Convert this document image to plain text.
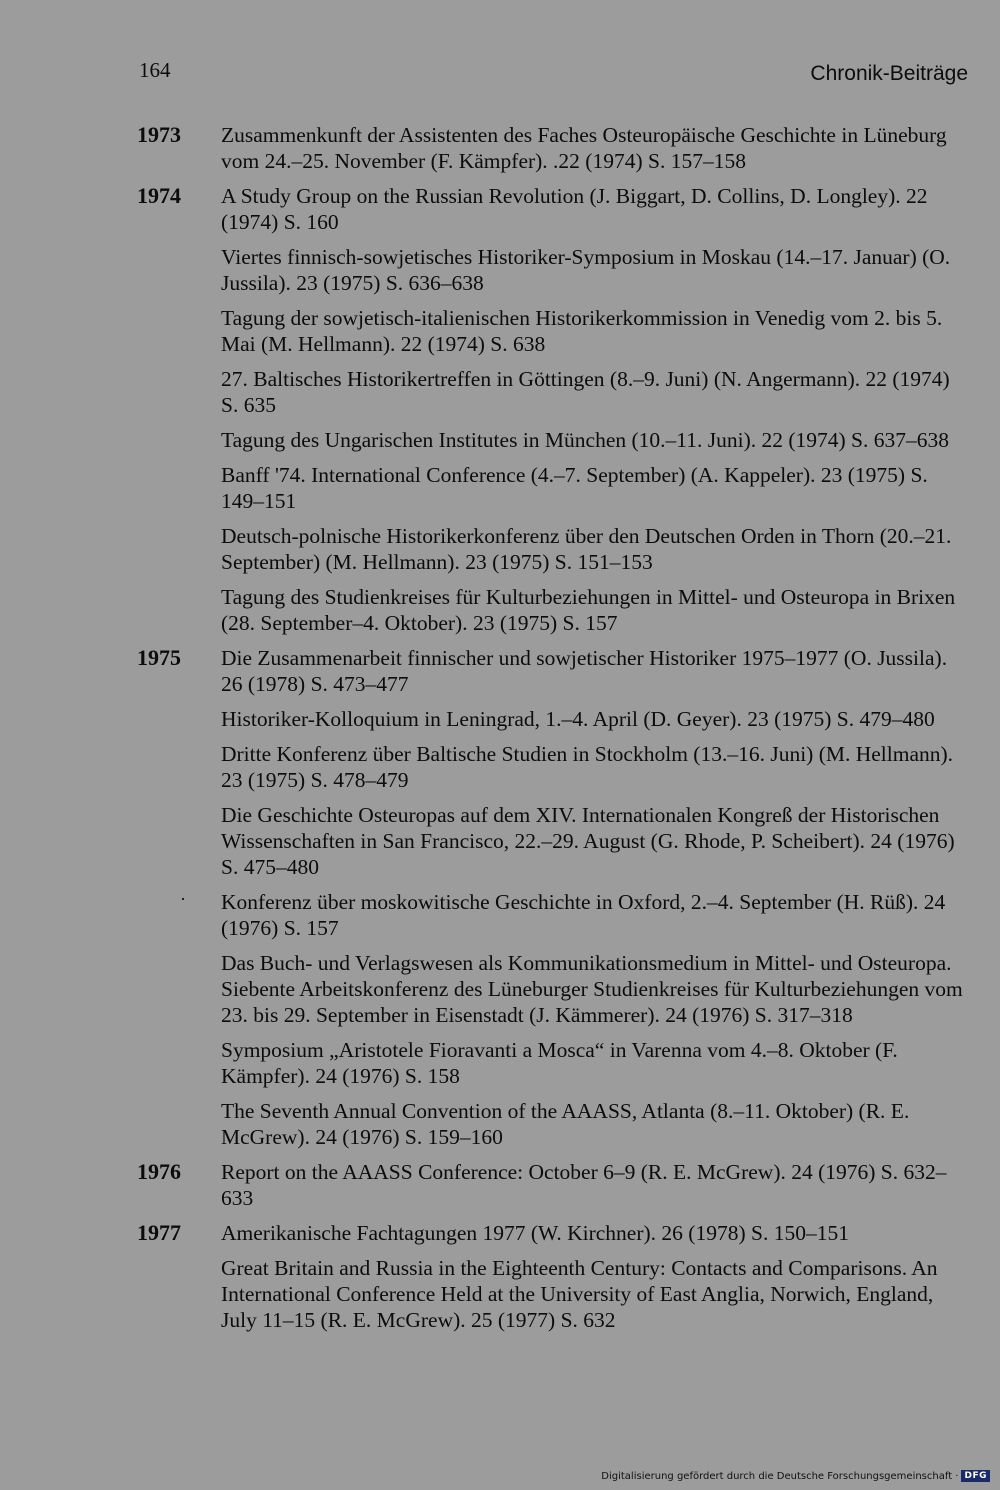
164	Chronik-Beiträge
1973 Zusammenkunft der Assistenten des Faches Osteuropäische Geschichte in Lüneburg vom 24.–25. November (F. Kämpfer). .22 (1974) S. 157–158
1974 A Study Group on the Russian Revolution (J. Biggart, D. Collins, D. Longley). 22 (1974) S. 160
Viertes finnisch-sowjetisches Historiker-Symposium in Moskau (14.–17. Januar) (O. Jussila). 23 (1975) S. 636–638
Tagung der sowjetisch-italienischen Historikerkommission in Venedig vom 2. bis 5. Mai (M. Hellmann). 22 (1974) S. 638
27. Baltisches Historikertreffen in Göttingen (8.–9. Juni) (N. Angermann). 22 (1974) S. 635
Tagung des Ungarischen Institutes in München (10.–11. Juni). 22 (1974) S. 637–638
Banff '74. International Conference (4.–7. September) (A. Kappeler). 23 (1975) S. 149–151
Deutsch-polnische Historikerkonferenz über den Deutschen Orden in Thorn (20.–21. September) (M. Hellmann). 23 (1975) S. 151–153
Tagung des Studienkreises für Kulturbeziehungen in Mittel- und Osteuropa in Brixen (28. September–4. Oktober). 23 (1975) S. 157
1975 Die Zusammenarbeit finnischer und sowjetischer Historiker 1975–1977 (O. Jussila). 26 (1978) S. 473–477
Historiker-Kolloquium in Leningrad, 1.–4. April (D. Geyer). 23 (1975) S. 479–480
Dritte Konferenz über Baltische Studien in Stockholm (13.–16. Juni) (M. Hellmann). 23 (1975) S. 478–479
Die Geschichte Osteuropas auf dem XIV. Internationalen Kongreß der Historischen Wissenschaften in San Francisco, 22.–29. August (G. Rhode, P. Scheibert). 24 (1976) S. 475–480
· Konferenz über moskowitische Geschichte in Oxford, 2.–4. September (H. Rüß). 24 (1976) S. 157
Das Buch- und Verlagswesen als Kommunikationsmedium in Mittel- und Osteuropa. Siebente Arbeitskonferenz des Lüneburger Studienkreises für Kulturbeziehungen vom 23. bis 29. September in Eisenstadt (J. Kämmerer). 24 (1976) S. 317–318
Symposium „Aristotele Fioravanti a Mosca“ in Varenna vom 4.–8. Oktober (F. Kämpfer). 24 (1976) S. 158
The Seventh Annual Convention of the AAASS, Atlanta (8.–11. Oktober) (R. E. McGrew). 24 (1976) S. 159–160
1976 Report on the AAASS Conference: October 6–9 (R. E. McGrew). 24 (1976) S. 632–633
1977 Amerikanische Fachtagungen 1977 (W. Kirchner). 26 (1978) S. 150–151
Great Britain and Russia in the Eighteenth Century: Contacts and Comparisons. An International Conference Held at the University of East Anglia, Norwich, England, July 11–15 (R. E. McGrew). 25 (1977) S. 632
Digitalisierung gefördert durch die Deutsche Forschungsgemeinschaft · DFG
